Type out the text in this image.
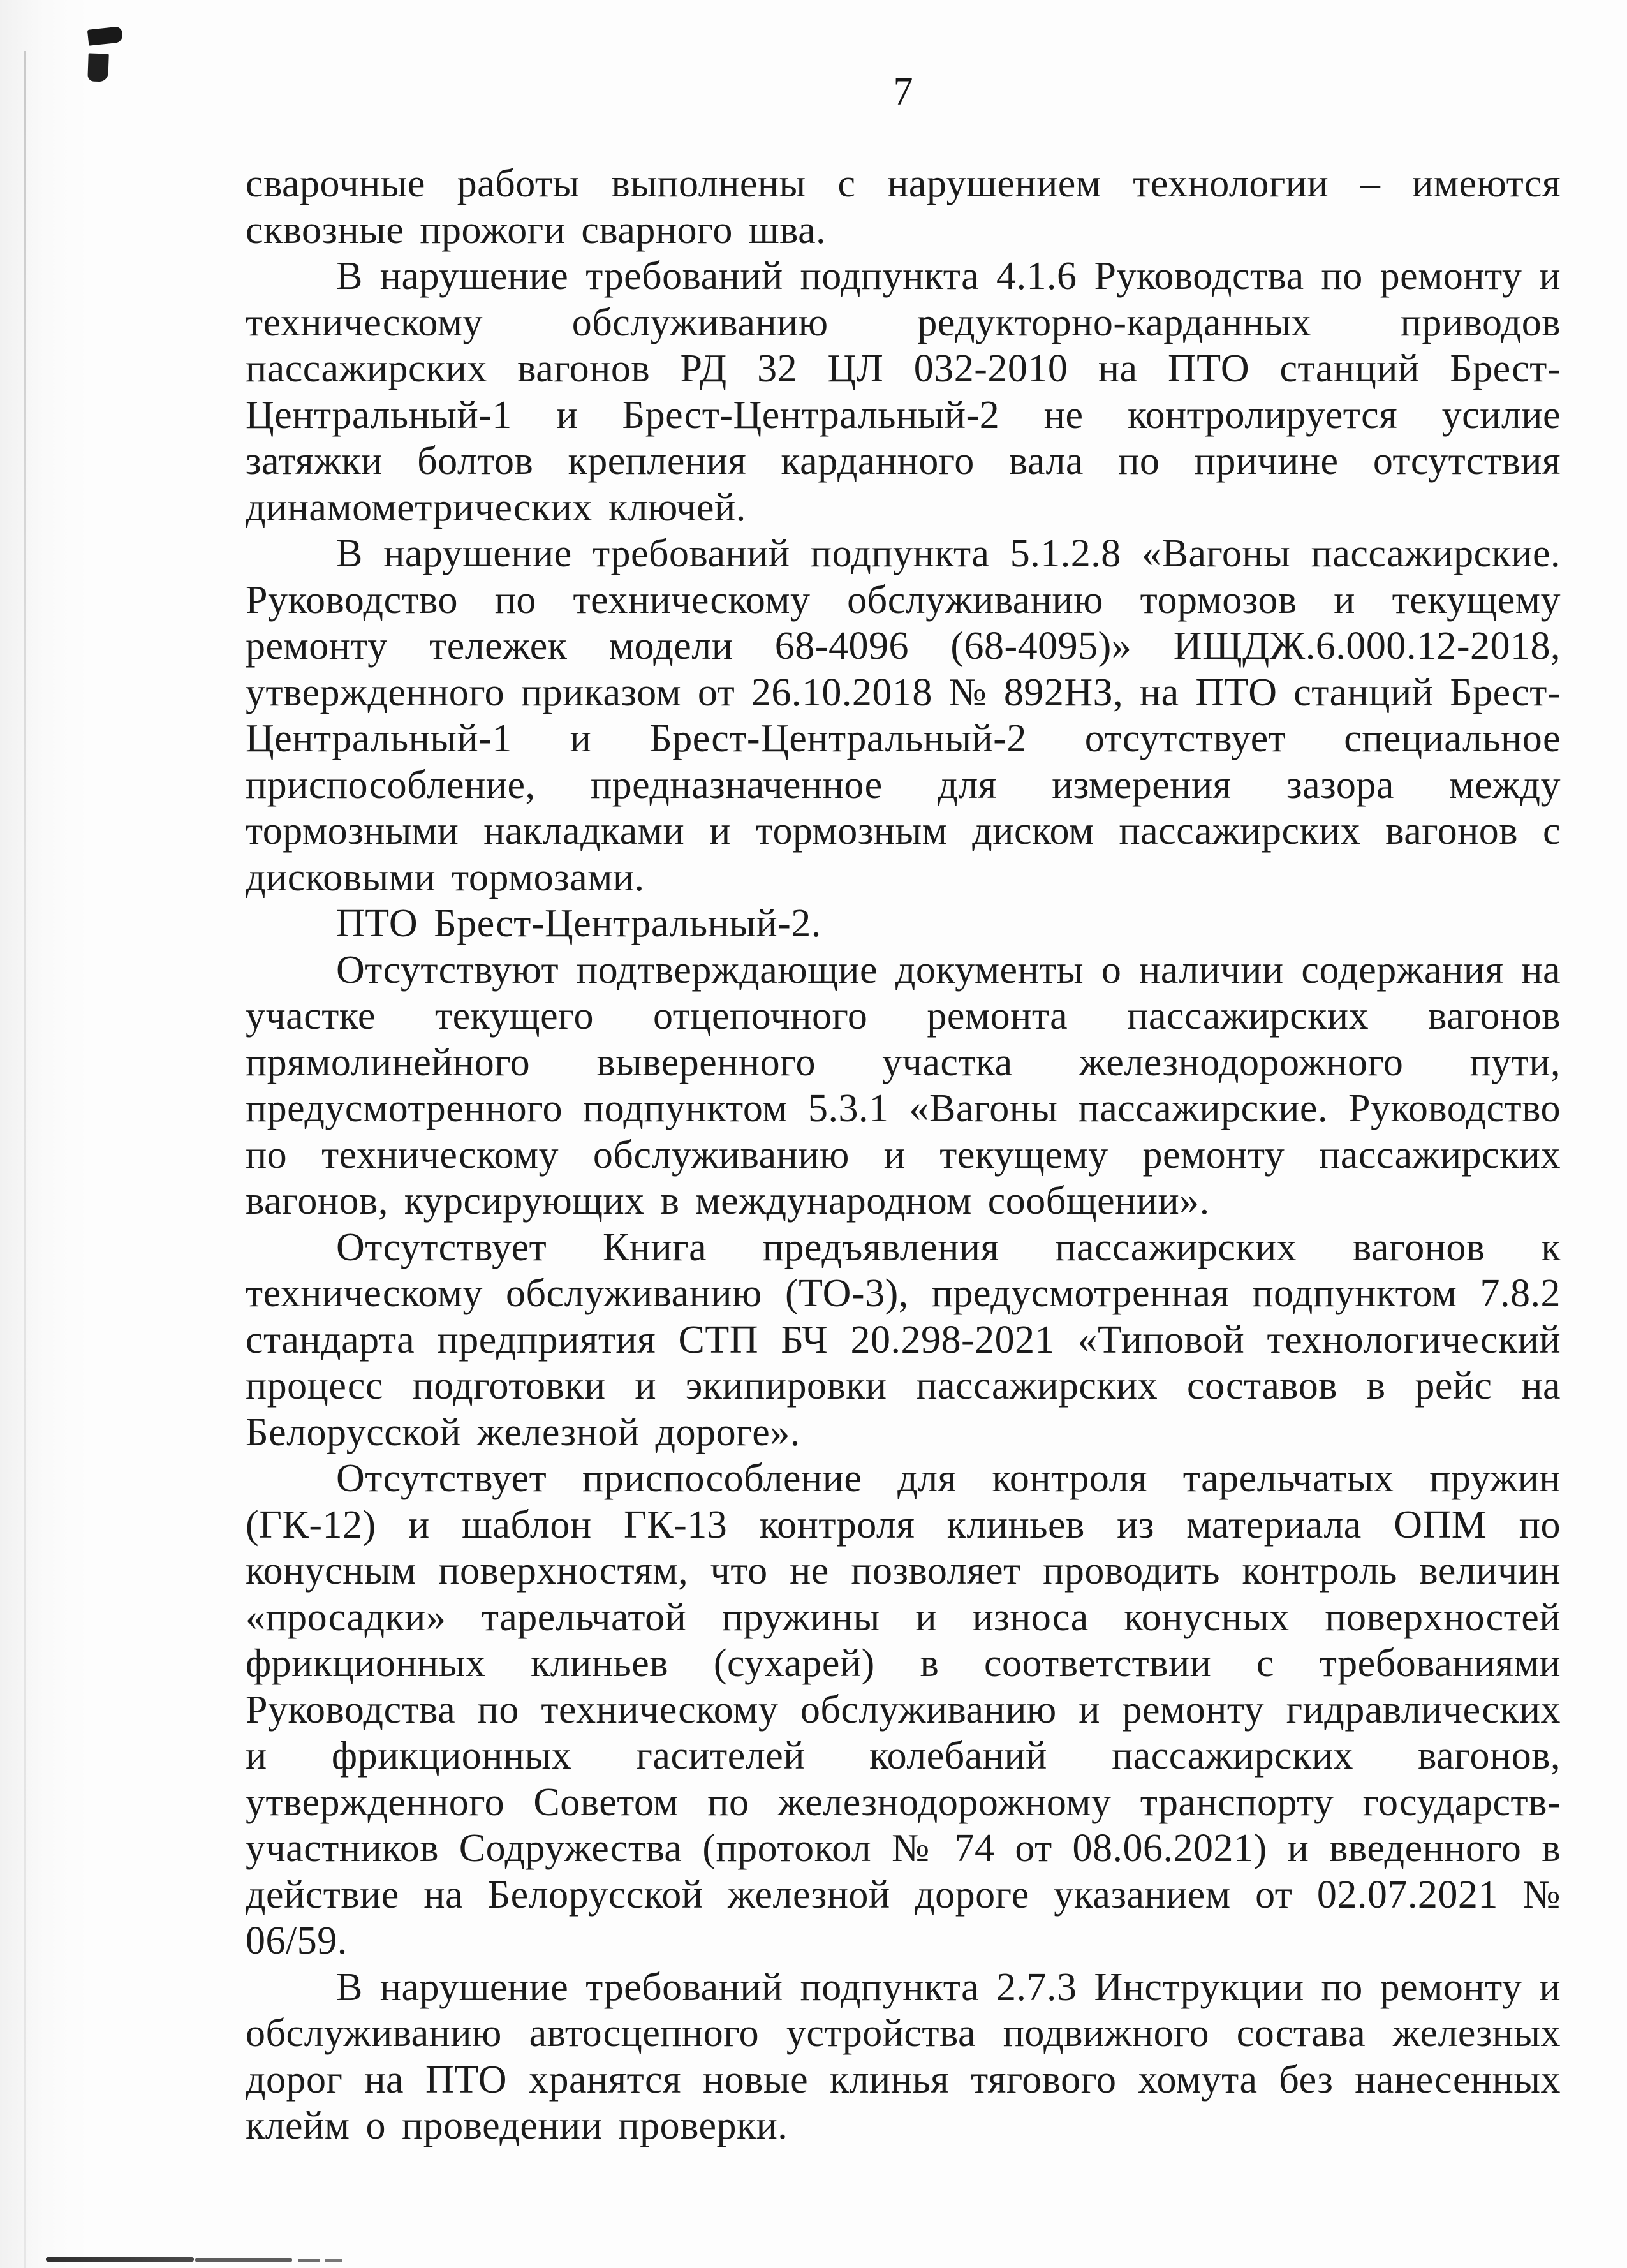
7

сварочные работы выполнены с нарушением технологии – имеются сквозные прожоги сварного шва.

В нарушение требований подпункта 4.1.6 Руководства по ремонту и техническому обслуживанию редукторно-карданных приводов пассажирских вагонов РД 32 ЦЛ 032-2010 на ПТО станций Брест-Центральный-1 и Брест-Центральный-2 не контролируется усилие затяжки болтов крепления карданного вала по причине отсутствия динамометрических ключей.

В нарушение требований подпункта 5.1.2.8 «Вагоны пассажирские. Руководство по техническому обслуживанию тормозов и текущему ремонту тележек модели 68-4096 (68-4095)» ИЩДЖ.6.000.12-2018, утвержденного приказом от 26.10.2018 № 892НЗ, на ПТО станций Брест-Центральный-1 и Брест-Центральный-2 отсутствует специальное приспособление, предназначенное для измерения зазора между тормозными накладками и тормозным диском пассажирских вагонов с дисковыми тормозами.

ПТО Брест-Центральный-2.

Отсутствуют подтверждающие документы о наличии содержания на участке текущего отцепочного ремонта пассажирских вагонов прямолинейного выверенного участка железнодорожного пути, предусмотренного подпунктом 5.3.1 «Вагоны пассажирские. Руководство по техническому обслуживанию и текущему ремонту пассажирских вагонов, курсирующих в международном сообщении».

Отсутствует Книга предъявления пассажирских вагонов к техническому обслуживанию (ТО-3), предусмотренная подпунктом 7.8.2 стандарта предприятия СТП БЧ 20.298-2021 «Типовой технологический процесс подготовки и экипировки пассажирских составов в рейс на Белорусской железной дороге».

Отсутствует приспособление для контроля тарельчатых пружин (ГК-12) и шаблон ГК-13 контроля клиньев из материала ОПМ по конусным поверхностям, что не позволяет проводить контроль величин «просадки» тарельчатой пружины и износа конусных поверхностей фрикционных клиньев (сухарей) в соответствии с требованиями Руководства по техническому обслуживанию и ремонту гидравлических и фрикционных гасителей колебаний пассажирских вагонов, утвержденного Советом по железнодорожному транспорту государств-участников Содружества (протокол № 74 от 08.06.2021) и введенного в действие на Белорусской железной дороге указанием от 02.07.2021 № 06/59.

В нарушение требований подпункта 2.7.3 Инструкции по ремонту и обслуживанию автосцепного устройства подвижного состава железных дорог на ПТО хранятся новые клинья тягового хомута без нанесенных клейм о проведении проверки.
